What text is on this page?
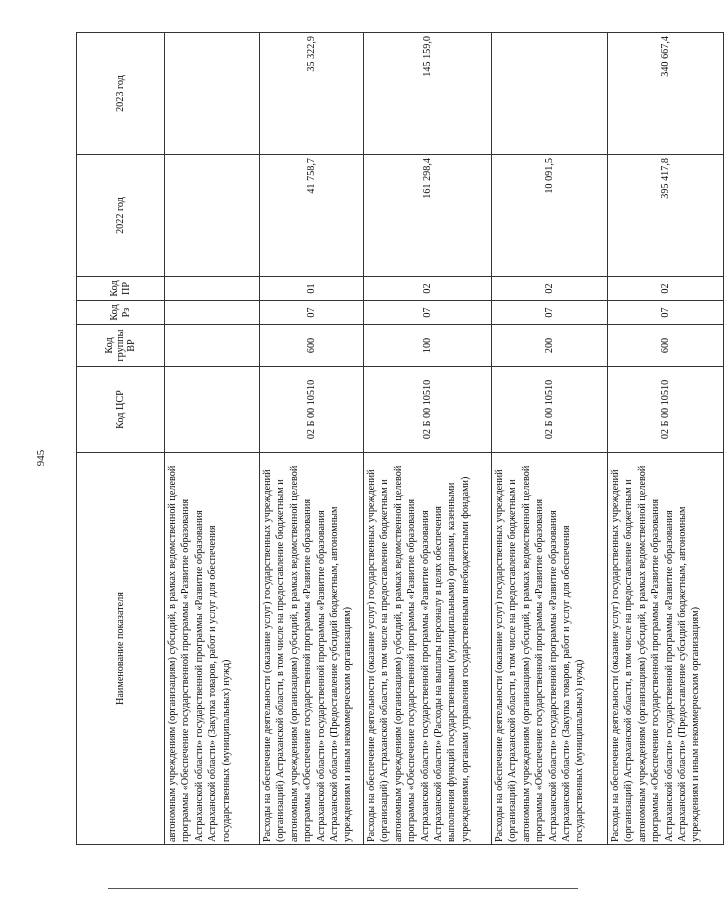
945
Наименование показателя	Код ЦСР	Код группы ВР	Код Рз	Код ПР	2022 год	2023 год
автономным учреждениям (организациям) субсидий, в рамках ведомственной целевой программы «Обеспечение государственной программы «Развитие образования Астраханской области» государственной программы «Развитие образования Астраханской области» (Закупка товаров, работ и услуг для обеспечения государственных (муниципальных) нужд)						
Расходы на обеспечение деятельности (оказание услуг) государственных учреждений (организаций) Астраханской области, в том числе на предоставление бюджетным и автономным учреждениям (организациям) субсидий, в рамках ведомственной целевой программы «Обеспечение государственной программы «Развитие образования Астраханской области» государственной программы «Развитие образования Астраханской области» (Предоставление субсидий бюджетным, автономным учреждениям и иным некоммерческим организациям)	02 Б 00 10510	600	07	01	41 758,7	35 322,9
Расходы на обеспечение деятельности (оказание услуг) государственных учреждений (организаций) Астраханской области, в том числе на предоставление бюджетным и автономным учреждениям (организациям) субсидий, в рамках ведомственной целевой программы «Обеспечение государственной программы «Развитие образования Астраханской области» государственной программы «Развитие образования Астраханской области» (Расходы на выплаты персоналу в целях обеспечения выполнения функций государственными (муниципальными) органами, казенными учреждениями, органами управления государственными внебюджетными фондами)	02 Б 00 10510	100	07	02	161 298,4	145 159,0
Расходы на обеспечение деятельности (оказание услуг) государственных учреждений (организаций) Астраханской области, в том числе на предоставление бюджетным и автономным учреждениям (организациям) субсидий, в рамках ведомственной целевой программы «Обеспечение государственной программы «Развитие образования Астраханской области» государственной программы «Развитие образования Астраханской области» (Закупка товаров, работ и услуг для обеспечения государственных (муниципальных) нужд)	02 Б 00 10510	200	07	02	10 091,5	
Расходы на обеспечение деятельности (оказание услуг) государственных учреждений (организаций) Астраханской области, в том числе на предоставление бюджетным и автономным учреждениям (организациям) субсидий, в рамках ведомственной целевой программы «Обеспечение государственной программы «Развитие образования Астраханской области» государственной программы «Развитие образования Астраханской области» (Предоставление субсидий бюджетным, автономным учреждениям и иным некоммерческим организациям)	02 Б 00 10510	600	07	02	395 417,8	340 667,4
